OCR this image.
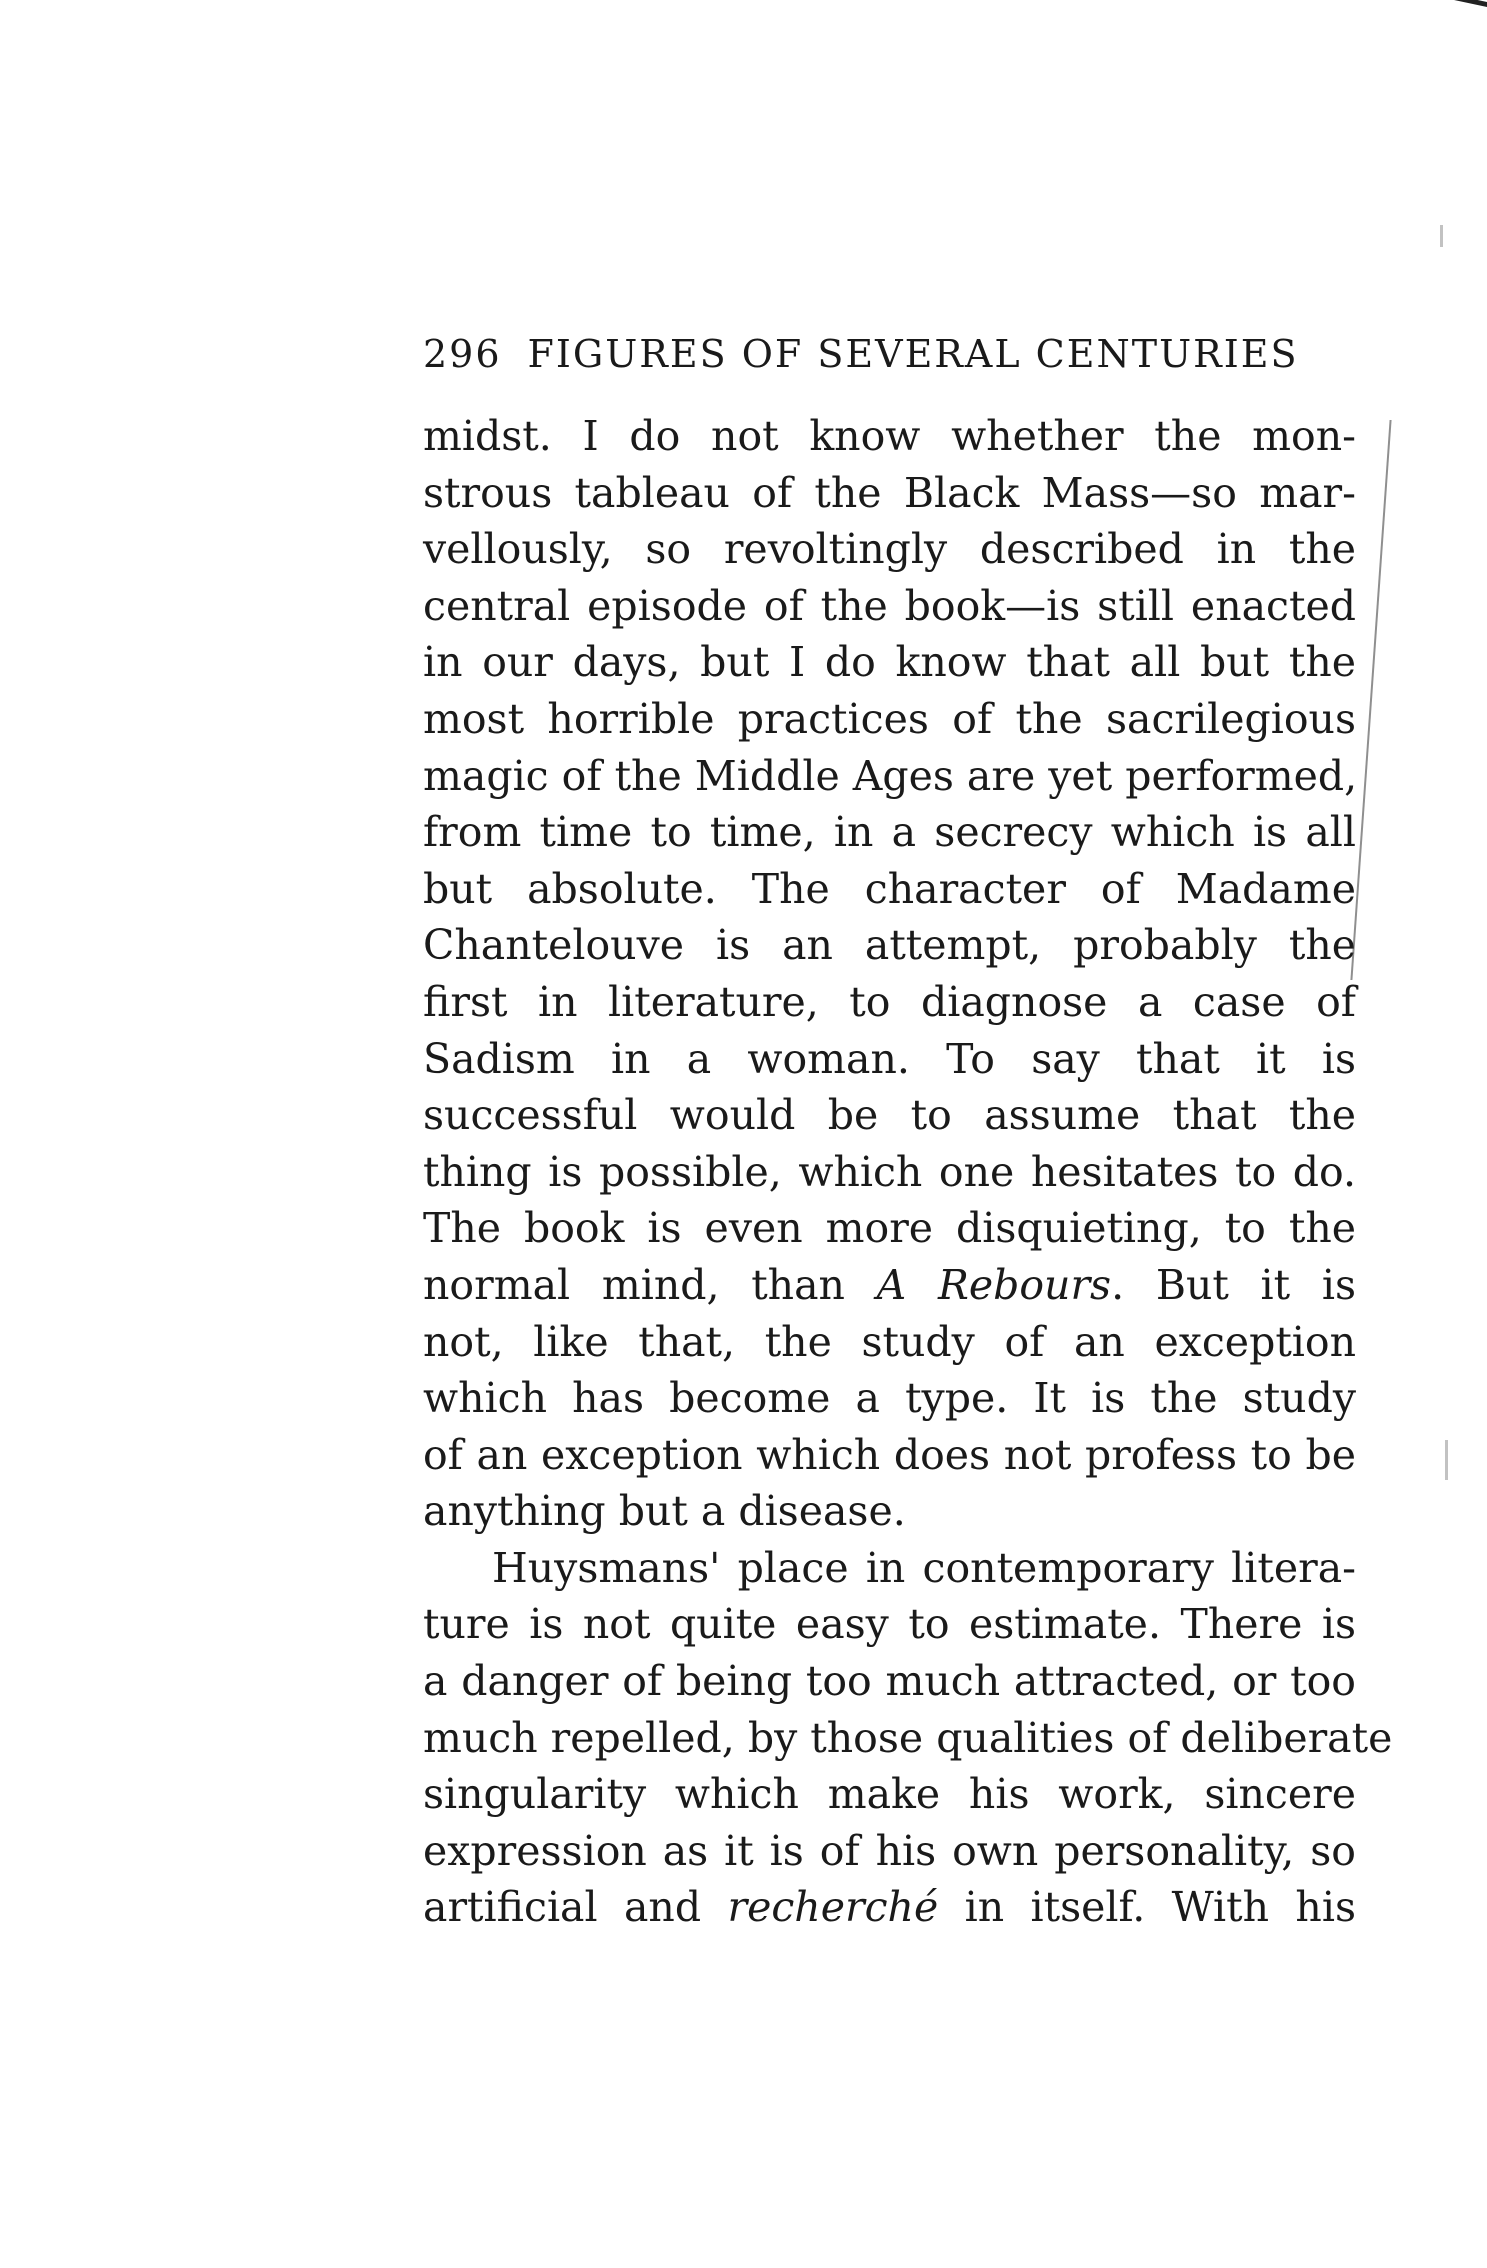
296 FIGURES OF SEVERAL CENTURIES
midst. I do not know whether the mon-
strous tableau of the Black Mass—so mar-
vellously, so revoltingly described in the
central episode of the book—is still enacted
in our days, but I do know that all but the
most horrible practices of the sacrilegious
magic of the Middle Ages are yet performed,
from time to time, in a secrecy which is all
but absolute. The character of Madame
Chantelouve is an attempt, probably the
first in literature, to diagnose a case of
Sadism in a woman. To say that it is
successful would be to assume that the
thing is possible, which one hesitates to do.
The book is even more disquieting, to the
normal mind, than A Rebours. But it is
not, like that, the study of an exception
which has become a type. It is the study
of an exception which does not profess to be
anything but a disease.
Huysmans' place in contemporary litera-
ture is not quite easy to estimate. There is
a danger of being too much attracted, or too
much repelled, by those qualities of deliberate
singularity which make his work, sincere
expression as it is of his own personality, so
artificial and recherché in itself. With his
